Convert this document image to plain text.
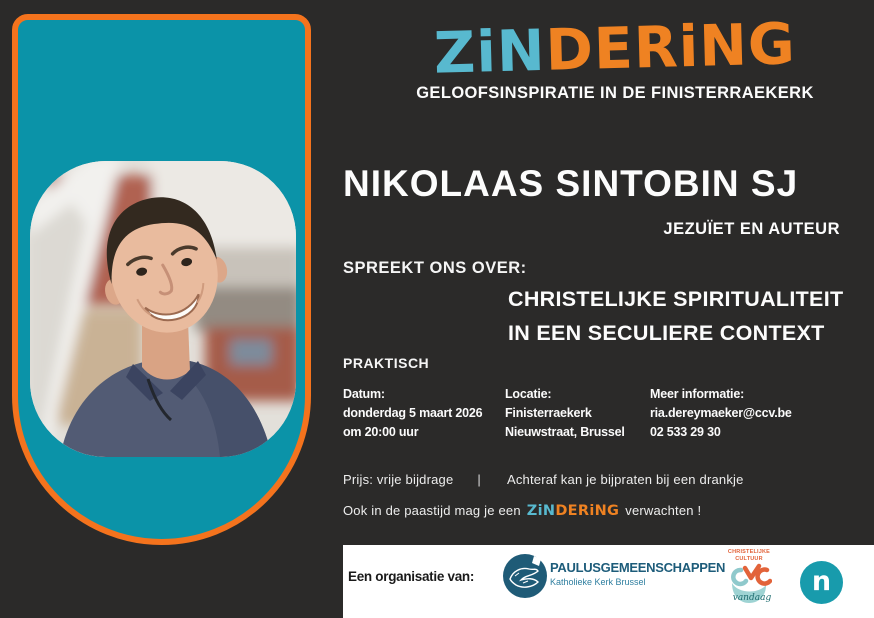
ZiNDERiNG
GELOOFSINSPIRATIE IN DE FINISTERRAEKERK
NIKOLAAS SINTOBIN SJ
JEZUÏET EN AUTEUR
SPREEKT ONS OVER:
CHRISTELIJKE SPIRITUALITEIT
IN EEN SECULIERE CONTEXT
PRAKTISCH
Datum:
donderdag 5 maart 2026
om 20:00 uur
Locatie:
Finisterraekerk
Nieuwstraat, Brussel
Meer informatie:
ria.dereymaeker@ccv.be
02 533 29 30
Prijs: vrije bijdrage | Achteraf kan je bijpraten bij een drankje
Ook in de paastijd mag je een ZiNDERiNG verwachten !
Een organisatie van:
PAULUSGEMEENSCHAPPEN
Katholieke Kerk Brussel
CHRISTELIJKE
CULTUUR
vandaag
n
